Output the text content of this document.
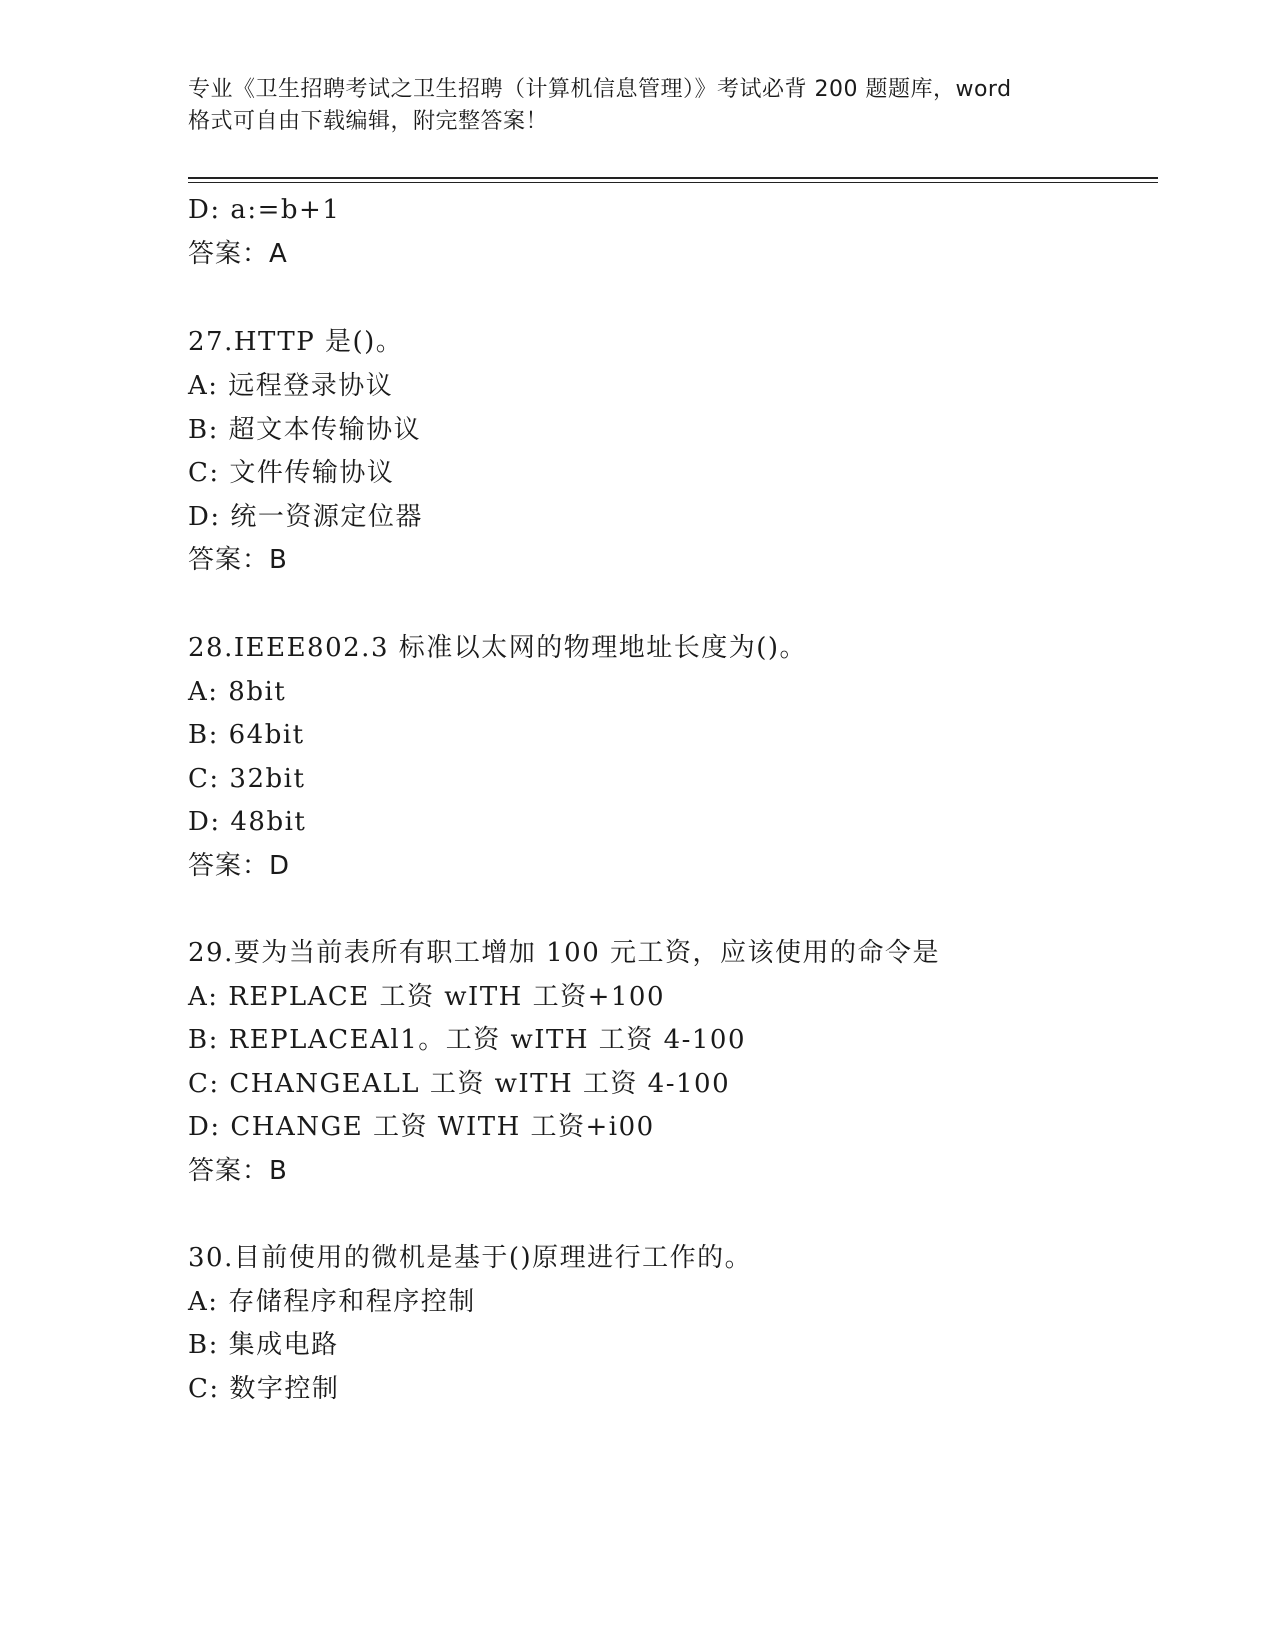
专业《卫生招聘考试之卫生招聘（计算机信息管理）》考试必背 200 题题库，word
格式可自由下载编辑，附完整答案！
D: a:=b+1
答案：A
27.HTTP 是()。
A: 远程登录协议
B: 超文本传输协议
C: 文件传输协议
D: 统一资源定位器
答案：B
28.IEEE802.3 标准以太网的物理地址长度为()。
A: 8bit
B: 64bit
C: 32bit
D: 48bit
答案：D
29.要为当前表所有职工增加 100 元工资，应该使用的命令是
A: REPLACE 工资 wITH 工资+100
B: REPLACEAl1。工资 wITH 工资 4-100
C: CHANGEALL 工资 wITH 工资 4-100
D: CHANGE 工资 WITH 工资+i00
答案：B
30.目前使用的微机是基于()原理进行工作的。
A: 存储程序和程序控制
B: 集成电路
C: 数字控制
